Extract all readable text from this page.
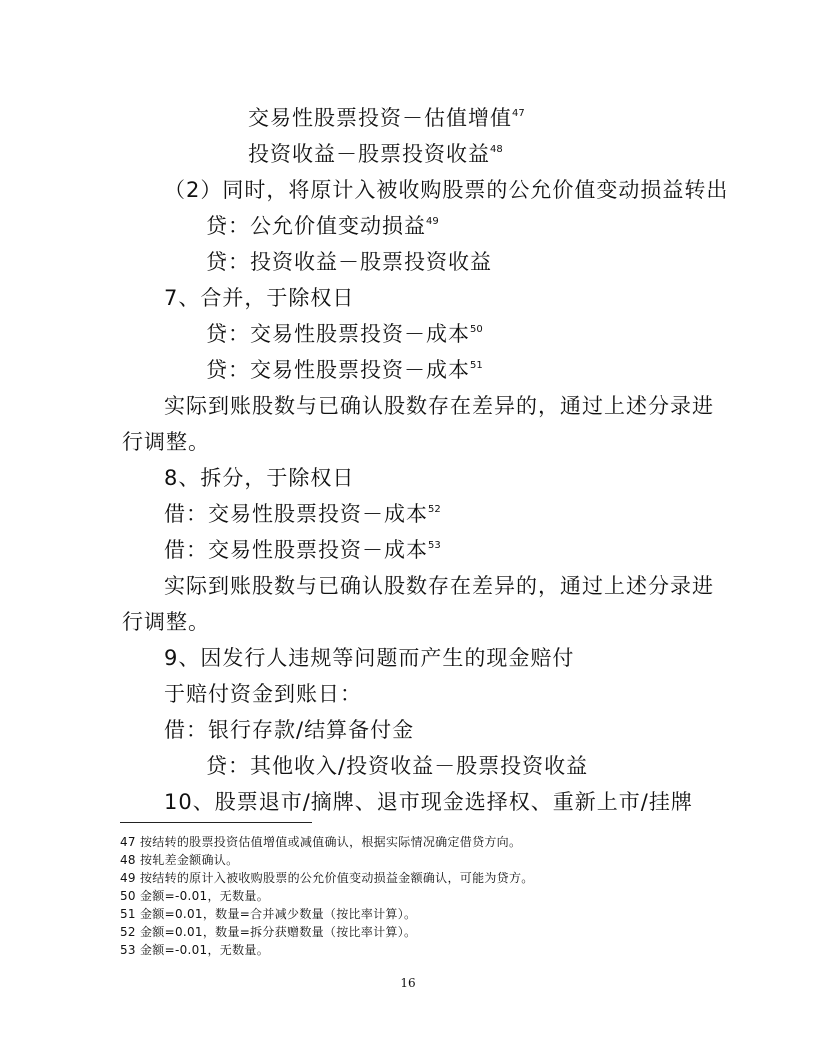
交易性股票投资－估值增值$^{47}$
投资收益－股票投资收益$^{48}$
（2）同时，将原计入被收购股票的公允价值变动损益转出
贷：公允价值变动损益$^{49}$
贷：投资收益－股票投资收益
7、合并，于除权日
贷：交易性股票投资－成本$^{50}$
贷：交易性股票投资－成本$^{51}$
实际到账股数与已确认股数存在差异的，通过上述分录进
行调整。
8、拆分，于除权日
借：交易性股票投资－成本$^{52}$
借：交易性股票投资－成本$^{53}$
实际到账股数与已确认股数存在差异的，通过上述分录进
行调整。
9、因发行人违规等问题而产生的现金赔付
于赔付资金到账日：
借：银行存款/结算备付金
贷：其他收入/投资收益－股票投资收益
10、股票退市/摘牌、退市现金选择权、重新上市/挂牌
47 按结转的股票投资估值增值或减值确认，根据实际情况确定借贷方向。
48 按轧差金额确认。
49 按结转的原计入被收购股票的公允价值变动损益金额确认，可能为贷方。
50 金额=-0.01，无数量。
51 金额=0.01，数量=合并减少数量（按比率计算）。
52 金额=0.01，数量=拆分获赠数量（按比率计算）。
53 金额=-0.01，无数量。
16
